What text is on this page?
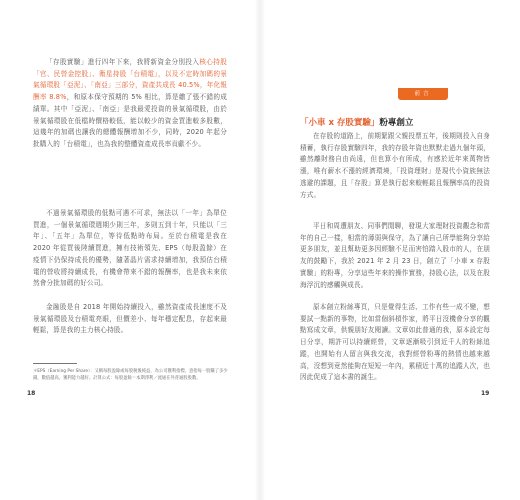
「存股實驗」進行四年下來，我將新資金分別投入核心持股「官、民營金控股」、衛星持股「台積電」，以及不定時加碼的景氣循環股「亞泥」、「南亞」三部分，資產共成長 40.5%，年化報酬率 8.8%，和原本保守預期的 5% 相比，算是繳了張不錯的成績單。其中「亞泥」、「南亞」是我最愛投資的景氣循環股，由於景氣循環股在低檔時價格較低，能以較少的資金買進較多股數，這幾年的加碼也讓我的總體報酬增加不少，同時，2020 年起分批購入的「台積電」，也為我的整體資產成長率貢獻不少。

不過景氣循環股的低點可遇不可求，無法以「一年」為單位買進，一個景氣循環週期少則三年，多則五到十年，只能以「三年」、「五年」為單位，等待低點時布局。至於台積電是我在 2020 年從買後陸續買進，擁有技術領先、EPS（每股盈餘）在疫情下仍保持成長的優勢，隨著晶片需求持續增加，我預估台積電的營收將持續成長，有機會帶來不錯的報酬率，也是我未來依然會分批加碼的好公司。

金融股是自 2018 年開始持續投入，雖然資產成長速度不及景氣循環股及台積電亮眼，但價差小、每年穩定配息，存起來最輕鬆，算是我的主力核心持股。

＊EPS（Earning Per Share）：又稱每股盈餘或每股稅後純益，為公司獲利指標，意指每一股賺了多少錢，數值越高，獲利能力越好。計算公式：每股盈餘＝本期淨利／流通在外普通股股數。

18
前言

「小車 x 存股實驗」粉專創立

在存股的道路上，前期緊跟父親投票五年，後期則投入自身積蓄，執行存股實驗四年，我的存股年資也默默走過九個年頭，雖然離財務自由尚遠，但也算小有所成，有感於近年來萬物皆漲，唯有薪水不漲的經濟環境，「投資理財」是現代小資族無法逃避的課題，且「存股」算是執行起來較輕鬆且報酬率高的投資方式。

平日和周遭朋友、同事們閒聊，發現大家理財投資觀念和當年的自己一樣，相當的薄弱與保守，為了讓自己所學能夠分享給更多朋友，並且幫助更多因經驗不足而害怕踏入股市的人，在朋友的鼓勵下，我於 2021 年 2 月 23 日，創立了「小車 x 存股實驗」的粉專，分享這些年來的操作實務，持股心法，以及在股海浮沉的感觸與成長。

原本創立粉絲專頁，只是覺得生活、工作有些一成不變，想要試一點新的事物，比如當個斜槓作家，將平日沒機會分享的觀點寫成文章，供親朋好友閱讀。文章如此普通的我，原本設定每日分享，期許可以持續經營，文章逐漸吸引到近千人的粉絲追蹤，也開始有人留言與我交流，我對經營粉專的熱情也越來越高，沒想到竟然能夠在短短一年內，累積近十萬的追蹤人次，也因此促成了這本書的誕生。

19
